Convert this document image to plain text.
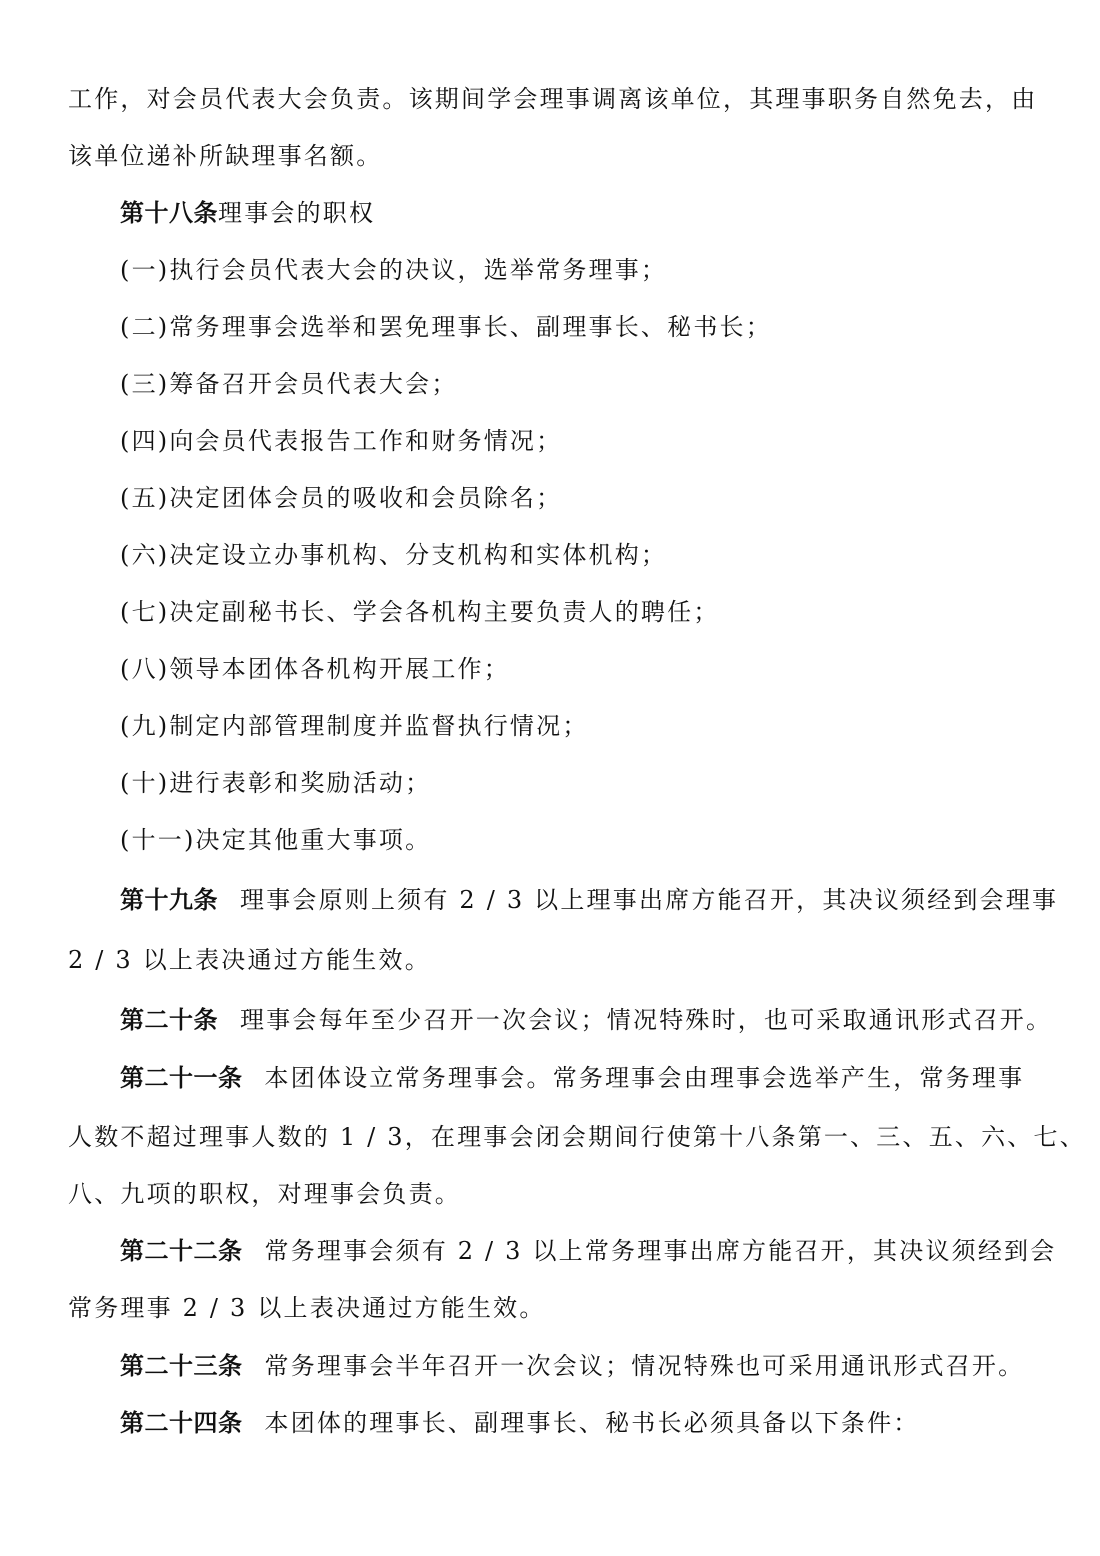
工作，对会员代表大会负责。该期间学会理事调离该单位，其理事职务自然免去，由
该单位递补所缺理事名额。
第十八条理事会的职权
(一)执行会员代表大会的决议，选举常务理事；
(二)常务理事会选举和罢免理事长、副理事长、秘书长；
(三)筹备召开会员代表大会；
(四)向会员代表报告工作和财务情况；
(五)决定团体会员的吸收和会员除名；
(六)决定设立办事机构、分支机构和实体机构；
(七)决定副秘书长、学会各机构主要负责人的聘任；
(八)领导本团体各机构开展工作；
(九)制定内部管理制度并监督执行情况；
(十)进行表彰和奖励活动；
(十一)决定其他重大事项。
第十九条 理事会原则上须有 2 / 3 以上理事出席方能召开，其决议须经到会理事
2 / 3 以上表决通过方能生效。
第二十条 理事会每年至少召开一次会议；情况特殊时，也可采取通讯形式召开。
第二十一条 本团体设立常务理事会。常务理事会由理事会选举产生，常务理事
人数不超过理事人数的 1 / 3，在理事会闭会期间行使第十八条第一、三、五、六、七、
八、九项的职权，对理事会负责。
第二十二条 常务理事会须有 2 / 3 以上常务理事出席方能召开，其决议须经到会
常务理事 2 / 3 以上表决通过方能生效。
第二十三条 常务理事会半年召开一次会议；情况特殊也可采用通讯形式召开。
第二十四条 本团体的理事长、副理事长、秘书长必须具备以下条件：
